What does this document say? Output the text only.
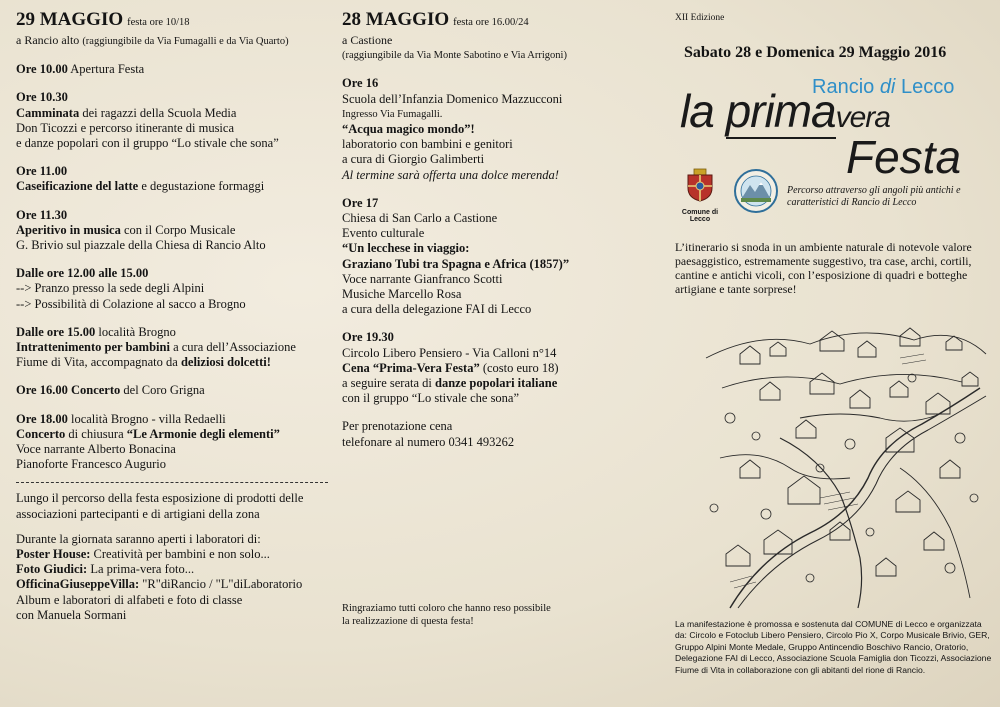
29 MAGGIO festa ore 10/18
a Rancio alto (raggiungibile da Via Fumagalli e da Via Quarto)
Ore 10.00 Apertura Festa
Ore 10.30
Camminata dei ragazzi della Scuola Media
Don Ticozzi e percorso itinerante di musica
e danze popolari con il gruppo “Lo stivale che sona”
Ore 11.00
Caseificazione del latte e degustazione formaggi
Ore 11.30
Aperitivo in musica con il Corpo Musicale
G. Brivio sul piazzale della Chiesa di Rancio Alto
Dalle ore 12.00 alle 15.00
--> Pranzo presso la sede degli Alpini
--> Possibilità di Colazione al sacco a Brogno
Dalle ore 15.00 località Brogno
Intrattenimento per bambini a cura dell’Associazione
Fiume di Vita, accompagnato da deliziosi dolcetti!
Ore 16.00 Concerto del Coro Grigna
Ore 18.00 località Brogno - villa Redaelli
Concerto di chiusura “Le Armonie degli elementi”
Voce narrante Alberto Bonacina
Pianoforte Francesco Augurio
Lungo il percorso della festa esposizione di prodotti delle
associazioni partecipanti e di artigiani della zona
Durante la giornata saranno aperti i laboratori di:
Poster House: Creatività per bambini e non solo...
Foto Giudici: La prima-vera foto...
OfficinaGiuseppeVilla: "R"diRancio / "L"diLaboratorio
Album e laboratori di alfabeti e foto di classe
con Manuela Sormani
28 MAGGIO festa ore 16.00/24
a Castione
(raggiungibile da Via Monte Sabotino e Via Arrigoni)
Ore 16
Scuola dell’Infanzia Domenico Mazzucconi
Ingresso Via Fumagalli.
“Acqua magico mondo”!
laboratorio con bambini e genitori
a cura di Giorgio Galimberti
Al termine sarà offerta una dolce merenda!
Ore 17
Chiesa di San Carlo a Castione
Evento culturale
“Un lecchese in viaggio:
Graziano Tubi tra Spagna e Africa (1857)”
Voce narrante Gianfranco Scotti
Musiche Marcello Rosa
a cura della delegazione FAI di Lecco
Ore 19.30
Circolo Libero Pensiero - Via Calloni n°14
Cena “Prima-Vera Festa” (costo euro 18)
a seguire serata di danze popolari italiane
con il gruppo “Lo stivale che sona”
Per prenotazione cena
telefonare al numero 0341 493262
Ringraziamo tutti coloro che hanno reso possibile
la realizzazione di questa festa!
XII Edizione
Sabato 28 e Domenica 29 Maggio 2016
Rancio di Lecco
la primavera
Festa
Comune di Lecco
Percorso attraverso gli angoli più antichi e caratteristici di Rancio di Lecco
L’itinerario si snoda in un ambiente naturale di notevole valore paesaggistico, estremamente suggestivo, tra case, archi, cortili, cantine e antichi vicoli, con l’esposizione di quadri e botteghe artigiane e tante sorprese!
La manifestazione è promossa e sostenuta dal COMUNE di Lecco e organizzata da: Circolo e Fotoclub Libero Pensiero, Circolo Pio X, Corpo Musicale Brivio, GER, Gruppo Alpini Monte Medale, Gruppo Antincendio Boschivo Rancio, Oratorio, Delegazione FAI di Lecco, Associazione Scuola Famiglia don Ticozzi, Associazione Fiume di Vita in collaborazione con gli abitanti del rione di Rancio.
